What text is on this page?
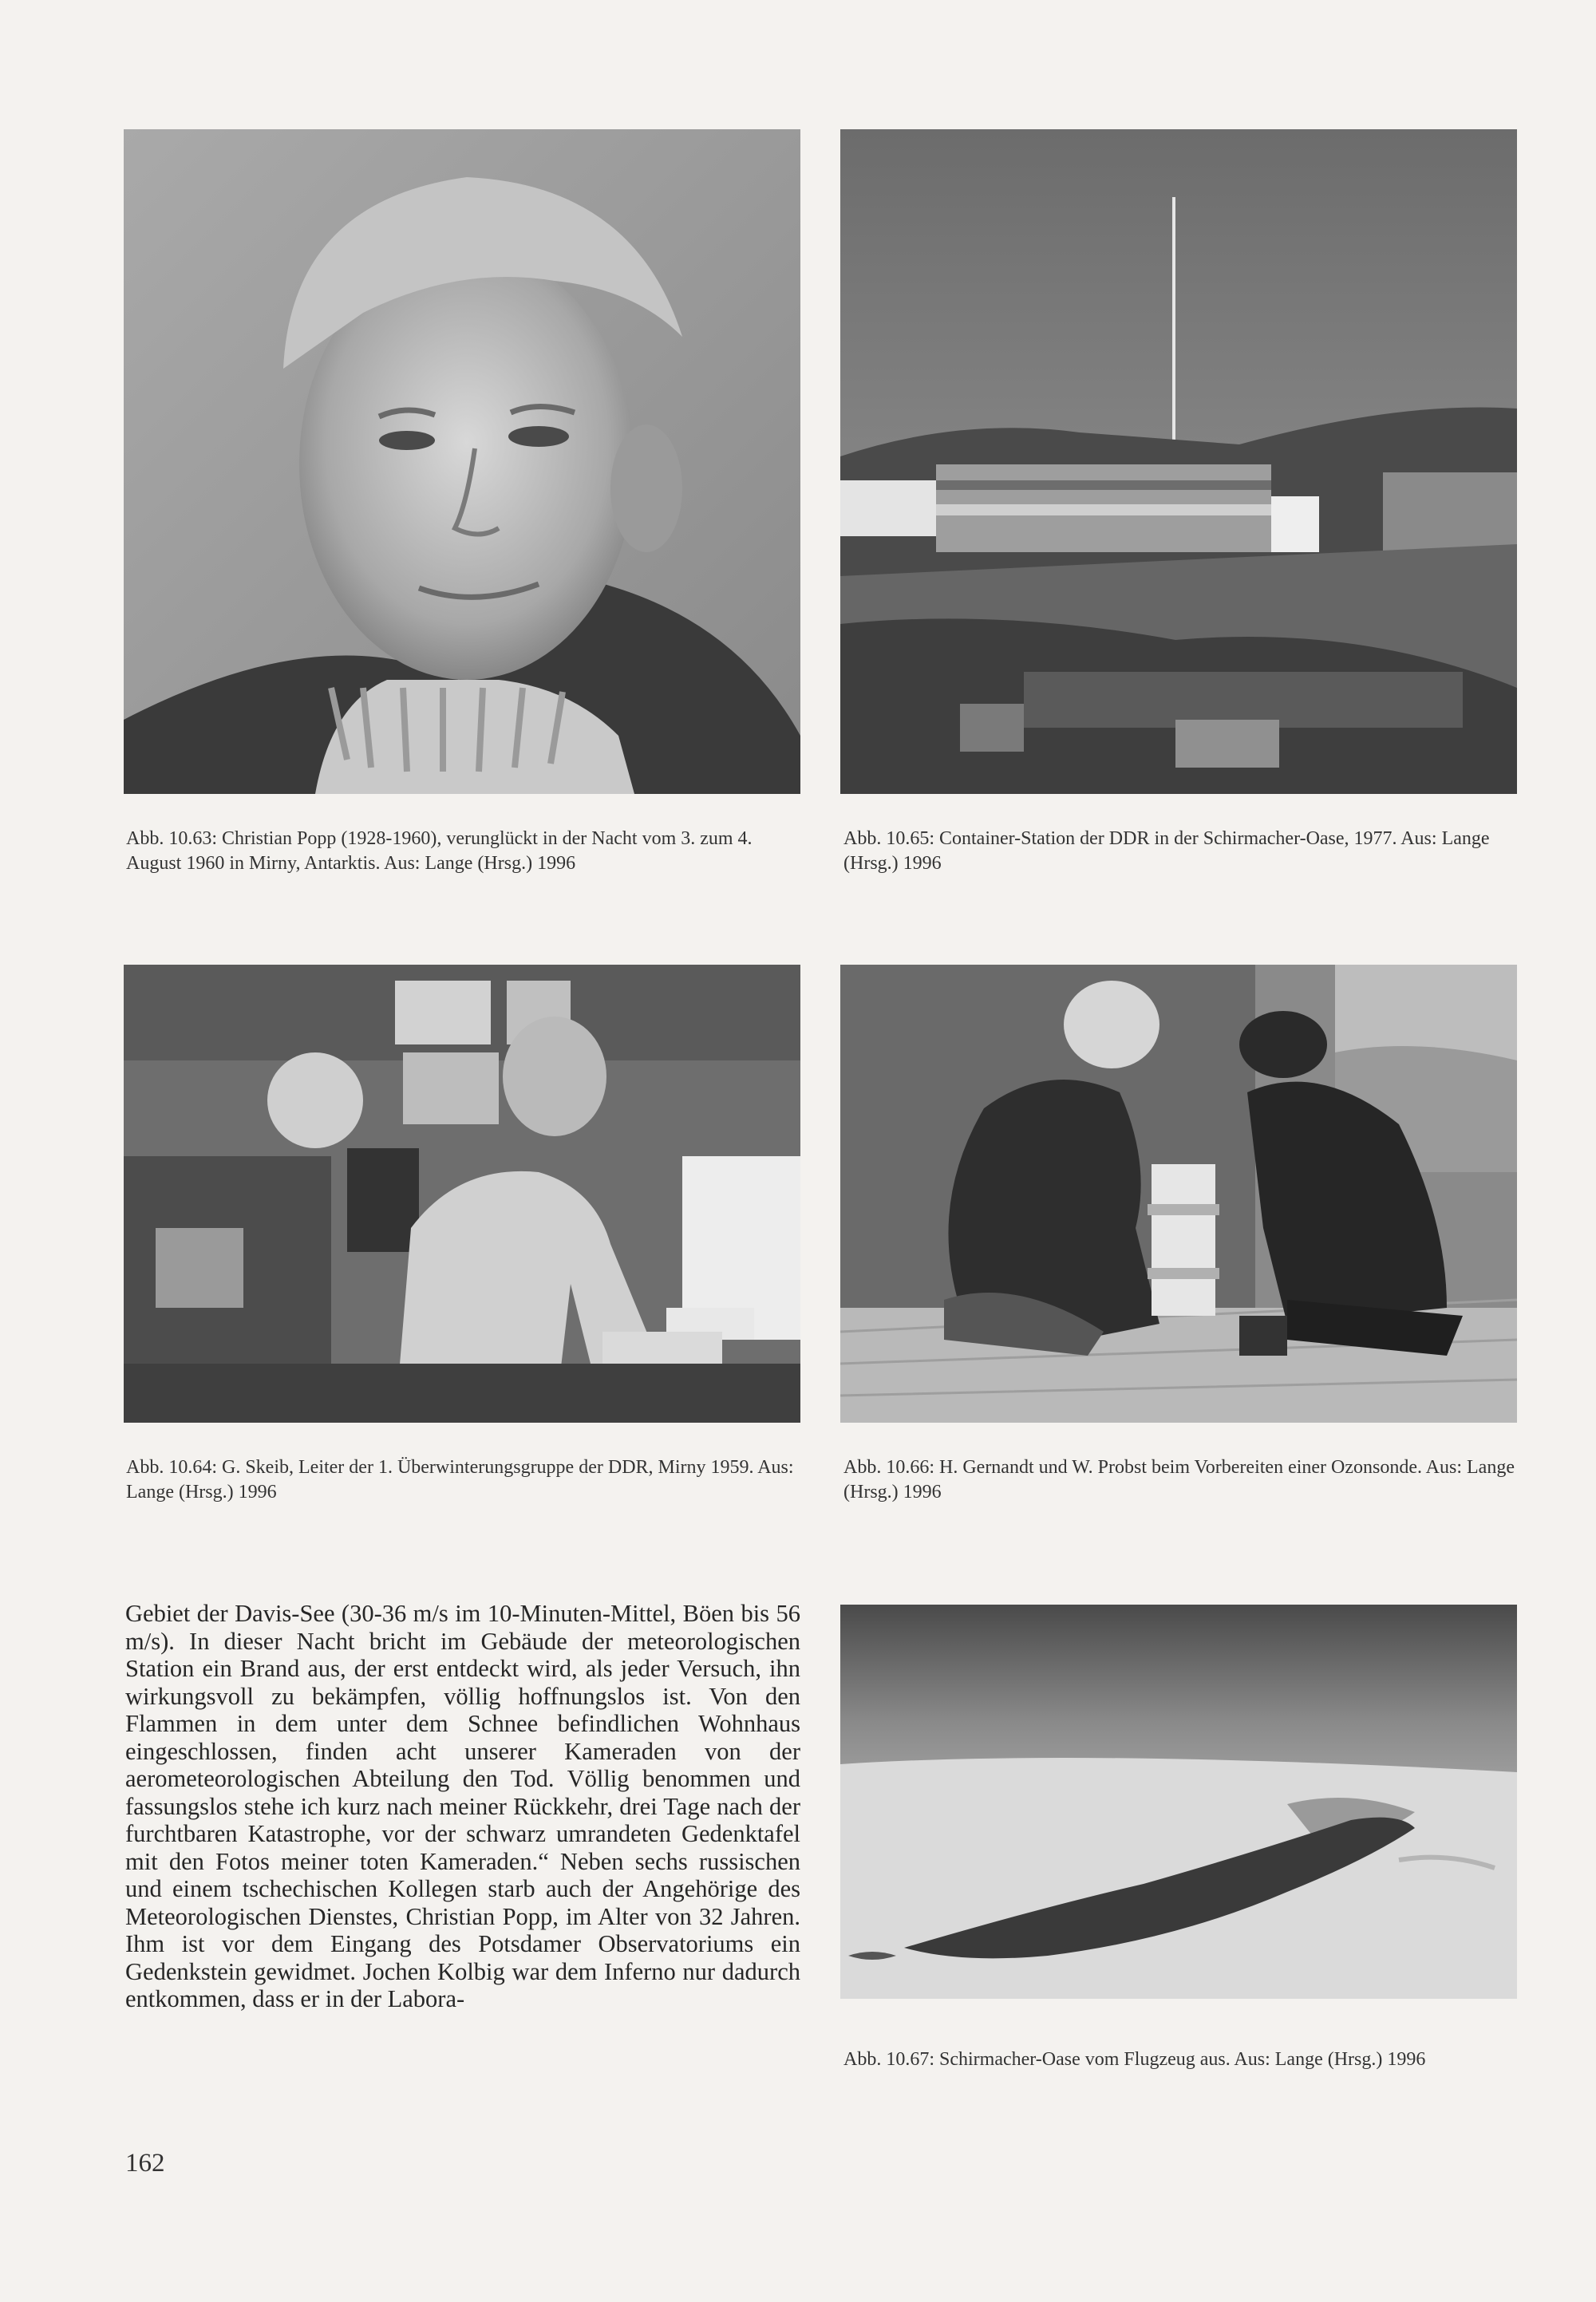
Abb. 10.63: Christian Popp (1928-1960), verunglückt in der Nacht vom 3. zum 4. August 1960 in Mirny, Antarktis. Aus: Lange (Hrsg.) 1996

Abb. 10.65: Container-Station der DDR in der Schirmacher-Oase, 1977. Aus: Lange (Hrsg.) 1996

Abb. 10.64: G. Skeib, Leiter der 1. Überwinterungsgruppe der DDR, Mirny 1959. Aus: Lange (Hrsg.) 1996

Abb. 10.66: H. Gernandt und W. Probst beim Vorbereiten einer Ozonsonde. Aus: Lange (Hrsg.) 1996

Gebiet der Davis-See (30-36 m/s im 10-Minuten-Mittel, Böen bis 56 m/s). In dieser Nacht bricht im Gebäude der meteorologischen Station ein Brand aus, der erst entdeckt wird, als jeder Versuch, ihn wirkungsvoll zu bekämpfen, völlig hoffnungslos ist. Von den Flammen in dem unter dem Schnee befindlichen Wohnhaus eingeschlossen, finden acht unserer Kameraden von der aerometeorologischen Abteilung den Tod. Völlig benommen und fassungslos stehe ich kurz nach meiner Rückkehr, drei Tage nach der furchtbaren Katastrophe, vor der schwarz umrandeten Gedenktafel mit den Fotos meiner toten Kameraden.“ Neben sechs russischen und einem tschechischen Kollegen starb auch der Angehörige des Meteorologischen Dienstes, Christian Popp, im Alter von 32 Jahren. Ihm ist vor dem Eingang des Potsdamer Observatoriums ein Gedenkstein gewidmet. Jochen Kolbig war dem Inferno nur dadurch entkommen, dass er in der Labora-

Abb. 10.67: Schirmacher-Oase vom Flugzeug aus. Aus: Lange (Hrsg.) 1996

162
